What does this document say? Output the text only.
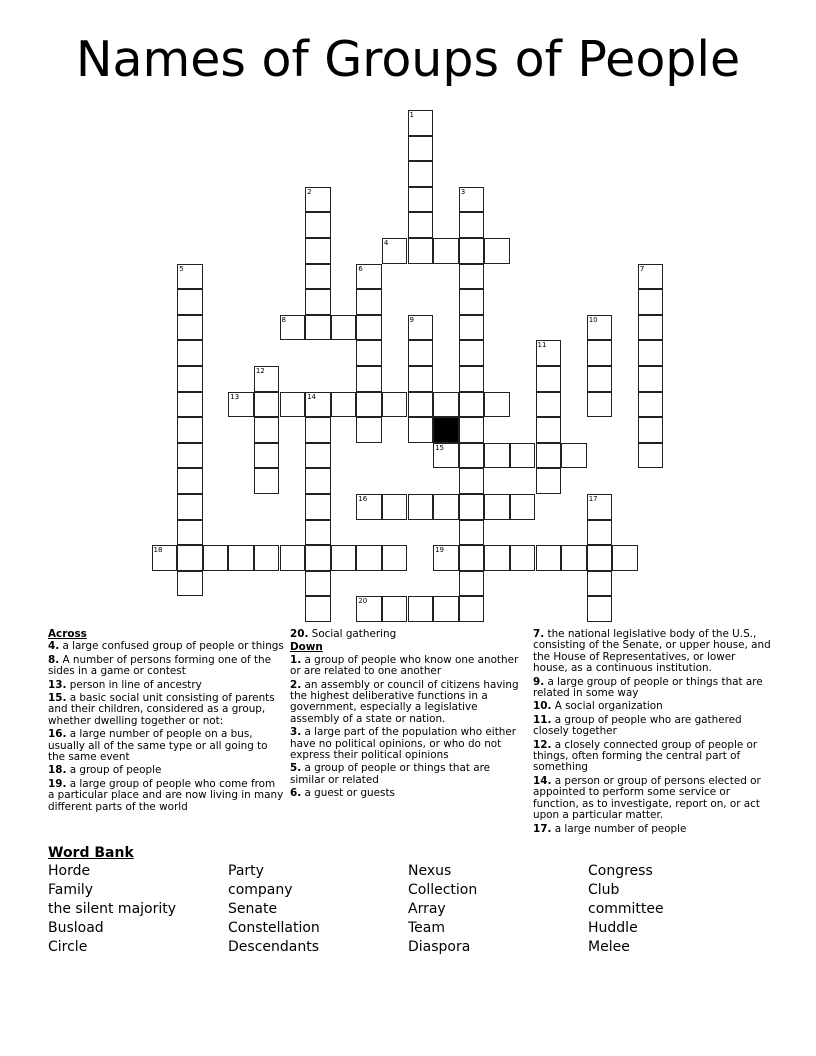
Names of Groups of People
1
2	3
4
5	6	7
8	9	10
11
12
13	14
15
16	17
18	19
20
Across
4. a large confused group of people or things
8. A number of persons forming one of the sides in a game or contest
13. person in line of ancestry
15. a basic social unit consisting of parents and their children, considered as a group, whether dwelling together or not:
16. a large number of people on a bus, usually all of the same type or all going to the same event
18. a group of people
19. a large group of people who come from a particular place and are now living in many different parts of the world
20. Social gathering
Down
1. a group of people who know one another or are related to one another
2. an assembly or council of citizens having the highest deliberative functions in a government, especially a legislative assembly of a state or nation.
3. a large part of the population who either have no political opinions, or who do not express their political opinions
5. a group of people or things that are similar or related
6. a guest or guests
7. the national legislative body of the U.S., consisting of the Senate, or upper house, and the House of Representatives, or lower house, as a continuous institution.
9. a large group of people or things that are related in some way
10. A social organization
11. a group of people who are gathered closely together
12. a closely connected group of people or things, often forming the central part of something
14. a person or group of persons elected or appointed to perform some service or function, as to investigate, report on, or act upon a particular matter.
17. a large number of people
Word Bank
Horde
Family
the silent majority
Busload
Circle
Party
company
Senate
Constellation
Descendants
Nexus
Collection
Array
Team
Diaspora
Congress
Club
committee
Huddle
Melee
